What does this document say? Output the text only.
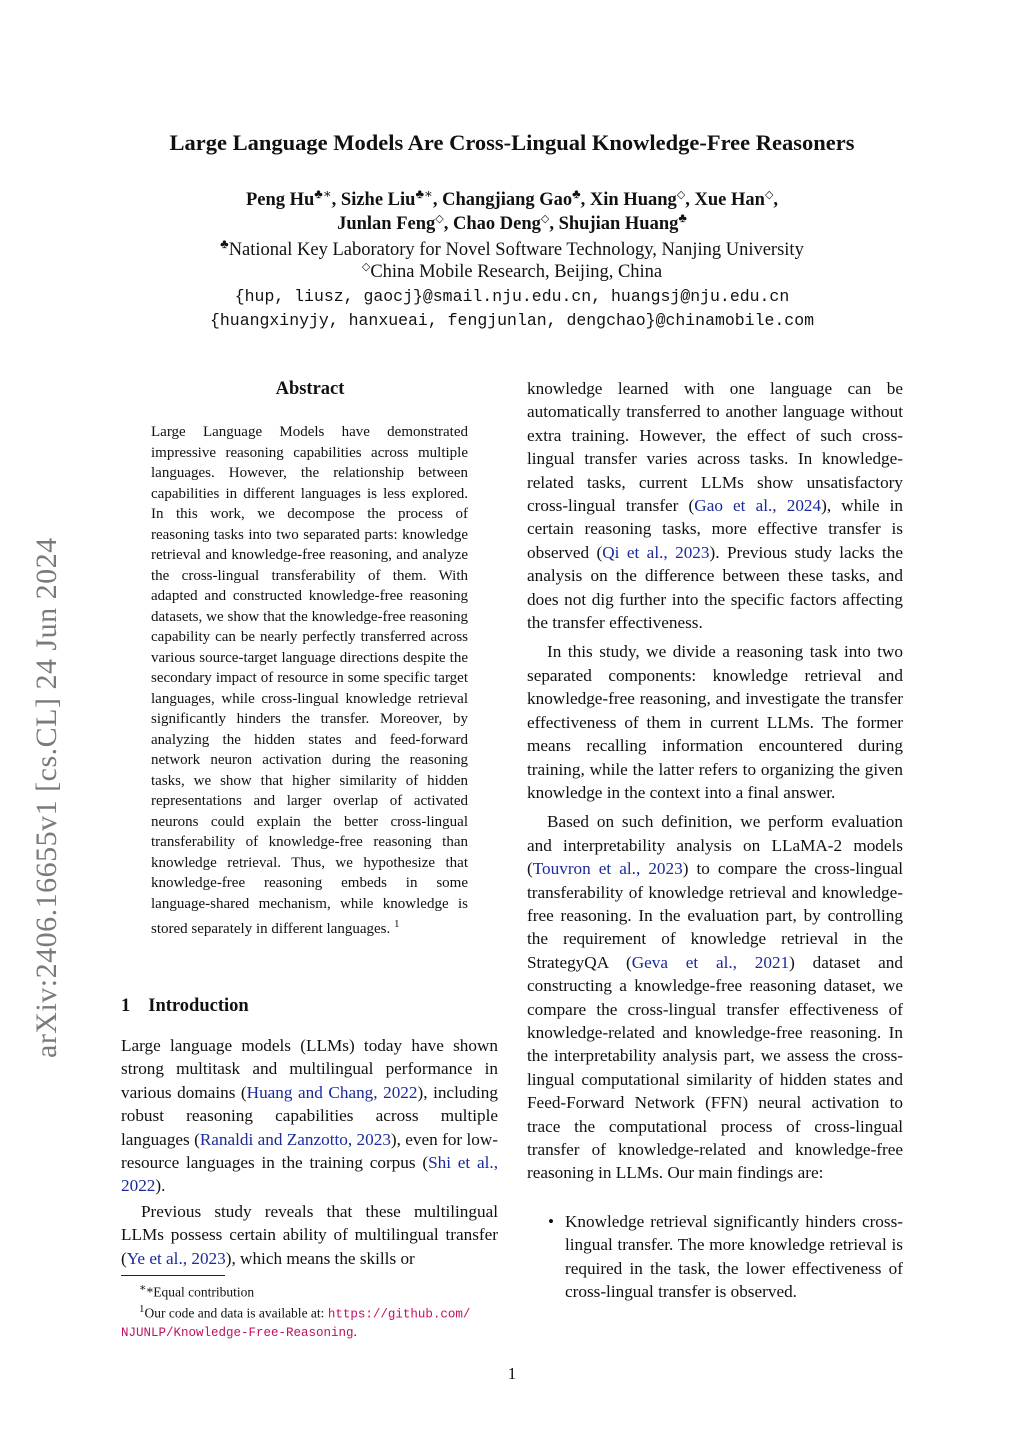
Large Language Models Are Cross-Lingual Knowledge-Free Reasoners
Peng Hu♣∗, Sizhe Liu♣∗, Changjiang Gao♣, Xin Huang◇, Xue Han◇,
Junlan Feng◇, Chao Deng◇, Shujian Huang♣
♣National Key Laboratory for Novel Software Technology, Nanjing University
◇China Mobile Research, Beijing, China
{hup, liusz, gaocj}@smail.nju.edu.cn, huangsj@nju.edu.cn
{huangxinyjy, hanxueai, fengjunlan, dengchao}@chinamobile.com
arXiv:2406.16655v1 [cs.CL] 24 Jun 2024
Abstract
Large Language Models have demonstrated impressive reasoning capabilities across multiple languages. However, the relationship between capabilities in different languages is less explored. In this work, we decompose the process of reasoning tasks into two separated parts: knowledge retrieval and knowledge-free reasoning, and analyze the cross-lingual transferability of them. With adapted and constructed knowledge-free reasoning datasets, we show that the knowledge-free reasoning capability can be nearly perfectly transferred across various source-target language directions despite the secondary impact of resource in some specific target languages, while cross-lingual knowledge retrieval significantly hinders the transfer. Moreover, by analyzing the hidden states and feed-forward network neuron activation during the reasoning tasks, we show that higher similarity of hidden representations and larger overlap of activated neurons could explain the better cross-lingual transferability of knowledge-free reasoning than knowledge retrieval. Thus, we hypothesize that knowledge-free reasoning embeds in some language-shared mechanism, while knowledge is stored separately in different languages. $^1$
1 Introduction

Large language models (LLMs) today have shown strong multitask and multilingual performance in various domains (Huang and Chang, 2022), including robust reasoning capabilities across multiple languages (Ranaldi and Zanzotto, 2023), even for low-resource languages in the training corpus (Shi et al., 2022).

Previous study reveals that these multilingual LLMs possess certain ability of multilingual transfer (Ye et al., 2023), which means the skills or

∗*Equal contribution
$^1$Our code and data is available at: https://github.com/ NJUNLP/Knowledge-Free-Reasoning.

knowledge learned with one language can be automatically transferred to another language without extra training. However, the effect of such cross-lingual transfer varies across tasks. In knowledge-related tasks, current LLMs show unsatisfactory cross-lingual transfer (Gao et al., 2024), while in certain reasoning tasks, more effective transfer is observed (Qi et al., 2023). Previous study lacks the analysis on the difference between these tasks, and does not dig further into the specific factors affecting the transfer effectiveness.

In this study, we divide a reasoning task into two separated components: knowledge retrieval and knowledge-free reasoning, and investigate the transfer effectiveness of them in current LLMs. The former means recalling information encountered during training, while the latter refers to organizing the given knowledge in the context into a final answer.

Based on such definition, we perform evaluation and interpretability analysis on LLaMA-2 models (Touvron et al., 2023) to compare the cross-lingual transferability of knowledge retrieval and knowledge-free reasoning. In the evaluation part, by controlling the requirement of knowledge retrieval in the StrategyQA (Geva et al., 2021) dataset and constructing a knowledge-free reasoning dataset, we compare the cross-lingual transfer effectiveness of knowledge-related and knowledge-free reasoning. In the interpretability analysis part, we assess the cross-lingual computational similarity of hidden states and Feed-Forward Network (FFN) neural activation to trace the computational process of cross-lingual transfer of knowledge-related and knowledge-free reasoning in LLMs. Our main findings are:

• Knowledge retrieval significantly hinders cross-lingual transfer. The more knowledge retrieval is required in the task, the lower effectiveness of cross-lingual transfer is observed.
1
